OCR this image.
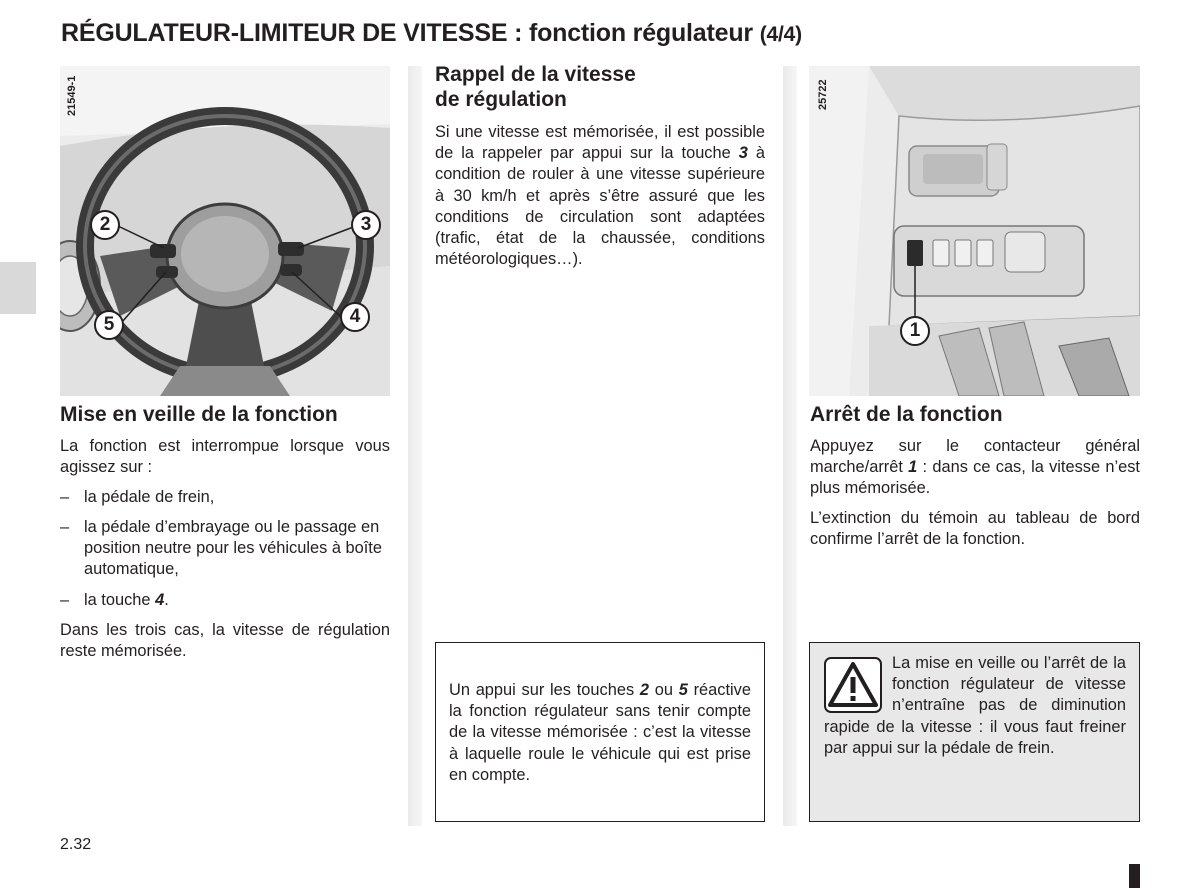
RÉGULATEUR-LIMITEUR DE VITESSE : fonction régulateur (4/4)
21549-1
2	3
5	4
25722
1
Mise en veille de la fonction
La fonction est interrompue lorsque vous agissez sur :
– la pédale de frein,
– la pédale d’embrayage ou le passage en position neutre pour les véhicules à boîte automatique,
– la touche 4.
Dans les trois cas, la vitesse de régulation reste mémorisée.
Rappel de la vitesse
de régulation
Si une vitesse est mémorisée, il est possible de la rappeler par appui sur la touche 3 à condition de rouler à une vitesse supérieure à 30 km/h et après s’être assuré que les conditions de circulation sont adaptées (trafic, état de la chaussée, conditions météorologiques…).
Un appui sur les touches 2 ou 5 réactive la fonction régulateur sans tenir compte de la vitesse mémorisée : c’est la vitesse à laquelle roule le véhicule qui est prise en compte.
Arrêt de la fonction
Appuyez sur le contacteur général marche/arrêt 1 : dans ce cas, la vitesse n’est plus mémorisée.
L’extinction du témoin au tableau de bord confirme l’arrêt de la fonction.
La mise en veille ou l’arrêt de la fonction régulateur de vitesse n’entraîne pas de diminution rapide de la vitesse : il vous faut freiner par appui sur la pédale de frein.
2.32
